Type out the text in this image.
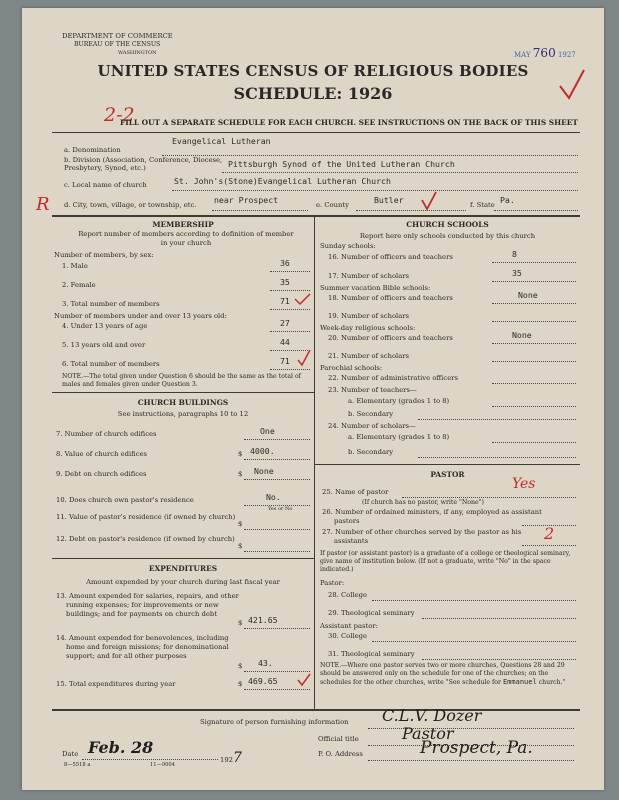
DEPARTMENT OF COMMERCE
BUREAU OF THE CENSUS
WASHINGTON	MAY 760 1927
UNITED STATES CENSUS OF RELIGIOUS BODIES
SCHEDULE: 1926
2-2
FILL OUT A SEPARATE SCHEDULE FOR EACH CHURCH. SEE INSTRUCTIONS ON THE BACK OF THIS SHEET
a. Denomination
Evangelical Lutheran
b. Division (Association, Conference, Diocese, Presbytery, Synod, etc.)	Pittsburgh Synod of the United Lutheran Church
c. Local name of church	St. John's(Stone)Evangelical Lutheran Church
R d. City, town, village, or township, etc. near Prospect	e. County	Butler	f. State Pa.
MEMBERSHIP
Report number of members according to definition of member in your church
Number of members, by sex:
1. Male	36
2. Female	35
3. Total number of members	71
Number of members under and over 13 years old:
4. Under 13 years of age	27
5. 13 years old and over	44
6. Total number of members	71
NOTE.—The total given under Question 6 should be the same as the total of males and females given under Question 3.
CHURCH BUILDINGS
See instructions, paragraphs 10 to 12
7. Number of church edifices	One
8. Value of church edifices	$ 4000.
9. Debt on church edifices	$ None
10. Does church own pastor's residence	No.
Yes or No
11. Value of pastor's residence (if owned by church)
$
12. Debt on pastor's residence (if owned by church)
$
EXPENDITURES
Amount expended by your church during last fiscal year
13. Amount expended for salaries, repairs, and other running expenses; for improvements or new buildings; and for payments on church debt
$ 421.65
14. Amount expended for benevolences, including home and foreign missions; for denominational support; and for all other purposes
$ 43.
15. Total expenditures during year	$ 469.65
CHURCH SCHOOLS
Report here only schools conducted by this church
Sunday schools:
16. Number of officers and teachers	8
17. Number of scholars	35
Summer vacation Bible schools:
18. Number of officers and teachers	None
19. Number of scholars
Week-day religious schools:
20. Number of officers and teachers	None
21. Number of scholars
Parochial schools:
22. Number of administrative officers
23. Number of teachers—
a. Elementary (grades 1 to 8)
b. Secondary
24. Number of scholars—
a. Elementary (grades 1 to 8)
b. Secondary
PASTOR
25. Name of pastor	Yes
(If church has no pastor, write "None")
26. Number of ordained ministers, if any, employed as assistant pastors
27. Number of other churches served by the pastor as his assistants	2
If pastor (or assistant pastor) is a graduate of a college or theological seminary, give name of institution below. (If not a graduate, write "No" in the space indicated.)
Pastor:
28. College
29. Theological seminary
Assistant pastor:
30. College
31. Theological seminary
NOTE.—Where one pastor serves two or more churches, Questions 28 and 29 should be answered only on the schedule for one of the churches; on the schedules for the other churches, write "See schedule for Emmanuel church."
Signature of person furnishing information C.L.V. Dozer
Official title	Pastor
Date Feb. 28
1927
8—5518 a	11—9004
P. O. Address	Prospect, Pa.
